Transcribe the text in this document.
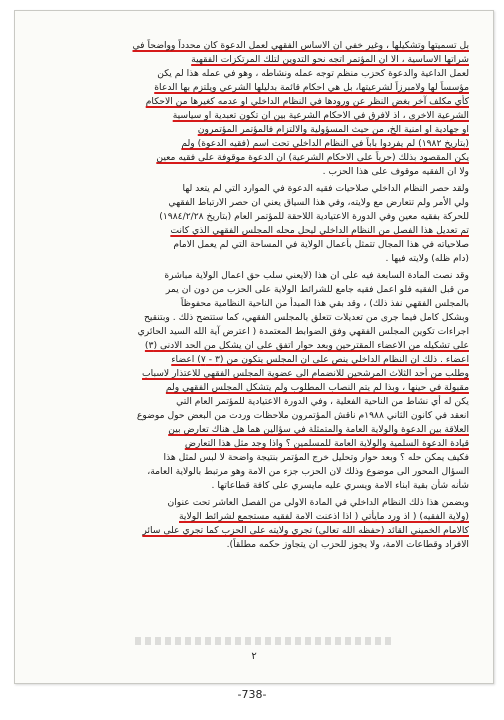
بل تسميتها وتشكيلها ، وغير خفي ان الاساس الفقهي لعمل الدعوة كان محدداً وواضحاً في
شراتها الاساسية ، الا ان المؤتمر اتجه نحو التدوين لتلك المرتكزات الفقهية
لعمل الداعية والدعوة كحزب منظم توجه عمله ونشاطه ، وهو في عمله هذا لم يكن
مؤسساً لها ولامبرزاً لشرعيتها، بل هي احكام قائمة بدليلها الشرعي ويلتزم بها الدعاة
كأي مكلف آخر بغض النظر عن ورودها في النظام الداخلي او عدمه كغيرها من الاحكام
الشرعية الاخرى ، اذ لافرق في الاحكام الشرعية بين ان تكون تعبدية او سياسية
او جهادية او امنية الخ، من حيث المسؤولية والالتزام فالمؤتمر المؤتمرون
(بتاريخ ١٩٨٢) لم يفردوا باباً في النظام الداخلي تحت اسم (فقيه الدعوة) ولم
يكن المقصود بذلك (حرباً على الاحكام الشرعية) ان الدعوة موقوفة على فقيه معين
ولا ان الفقيه موقوف على هذا الحزب .
ولقد حصر النظام الداخلي صلاحيات فقيه الدعوة في الموارد التي لم يتعد لها
ولي الأمر ولم تتعارض مع ولايته، وفي هذا السياق يعني ان حصر الارتباط الفقهي
للحركة بفقيه معين وفي الدورة الاعتيادية اللاحقة للمؤتمر العام (بتاريخ ١٩٨٤/٢/٢٨)
تم تعديل هذا الفصل من النظام الداخلي ليحل محله المجلس الفقهي الذي كانت
صلاحياته في هذا المجال تتمثل بأعمال الولاية في المساحة التي لم يعمل الامام
(دام ظله) ولايته فيها .
وقد نصت المادة السابعة فيه على ان هذا (لايعني سلب حق اعمال الولاية مباشرة
من قبل الفقيه فلو اعمل فقيه جامع للشرائط الولاية على الحزب من دون ان يمر
بالمجلس الفقهي نفذ ذلك) ، وقد بقي هذا المبدأ من الناحية النظامية محفوظاً
وبشكل كامل فيما جرى من تعديلات تتعلق بالمجلس الفقهي، كما ستتضح ذلك . وبتنقيح
اجراءات تكوين المجلس الفقهي وفق الضوابط المعتمدة ( اعترض آية الله السيد الحائري
على تشكيله من الاعضاء المقترحين وبعد حوار اتفق على ان يشكل من الحد الادنى (٣)
اعضاء . ذلك ان النظام الداخلي ينص على ان المجلس يتكون من (٣ - ٧) اعضاء
وطلب من أحد الثلاث المرشحين للانضمام الى عضوية المجلس الفقهي للاعتذار لاسباب
مقبولة في حينها ، وبذا لم يتم النصاب المطلوب ولم يتشكل المجلس الفقهي ولم
يكن له أي نشاط من الناحية الفعلية ، وفي الدورة الاعتيادية للمؤتمر العام التي
انعقد في كانون الثاني ١٩٨٨م ناقش المؤتمرون ملاحظات وردت من البعض حول موضوع
العلاقة بين الدعوة والولاية العامة والمتمثلة في سؤالين هما هل هناك تعارض بين
قيادة الدعوة السلمية والولاية العامة للمسلمين ؟ واذا وجد مثل هذا التعارض
فكيف يمكن حله ؟ وبعد حوار وتحليل خرج المؤتمر بنتيجة واضحة لا لبس لمثل هذا
السؤال المحور الى موضوع وذلك لان الحزب جزء من الامة وهو مرتبط بالولاية العامة،
شأنه شأن بقية ابناء الامة ويسري عليه مايسري على كافة قطاعاتها .
وبضمن هذا ذلك النظام الداخلي في المادة الاولى من الفصل العاشر تحت عنوان
(ولاية الفقيه) ( اذ ورد مايأتي ( اذا اذعنت الامة لفقيه مستجمع لشرائط الولاية
كالامام الخميني القائد (حفظه الله تعالى) تجري ولايته على الحزب كما تجري على سائر
الافراد وقطاعات الامة، ولا يجوز للحزب ان يتجاوز حكمه مطلقاً).
٢
-738-
